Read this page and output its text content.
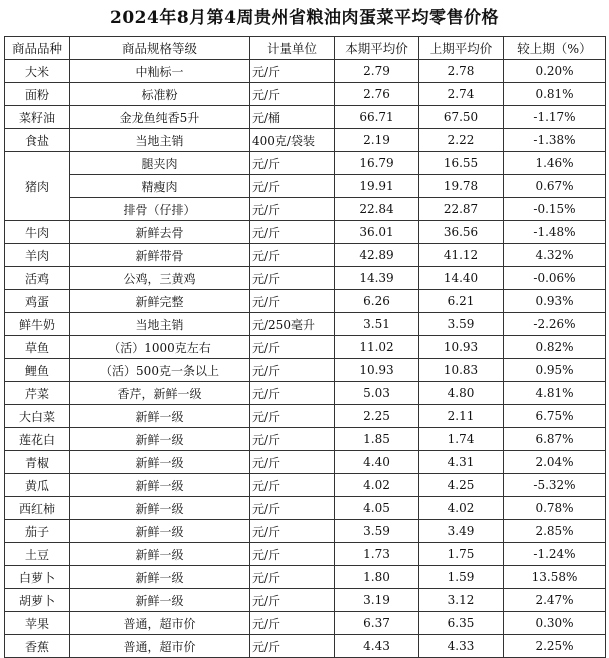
2024年8月第4周贵州省粮油肉蛋菜平均零售价格
商品品种	商品规格等级	计量单位	本期平均价	上期平均价	较上期（%）
大米	中籼标一	元/斤	2.79	2.78	0.20%
面粉	标准粉	元/斤	2.76	2.74	0.81%
菜籽油	金龙鱼纯香5升	元/桶	66.71	67.50	-1.17%
食盐	当地主销	400克/袋装	2.19	2.22	-1.38%
猪肉	腿夹肉	元/斤	16.79	16.55	1.46%
	精瘦肉	元/斤	19.91	19.78	0.67%
	排骨（仔排）	元/斤	22.84	22.87	-0.15%
牛肉	新鲜去骨	元/斤	36.01	36.56	-1.48%
羊肉	新鲜带骨	元/斤	42.89	41.12	4.32%
活鸡	公鸡，三黄鸡	元/斤	14.39	14.40	-0.06%
鸡蛋	新鲜完整	元/斤	6.26	6.21	0.93%
鲜牛奶	当地主销	元/250毫升	3.51	3.59	-2.26%
草鱼	（活）1000克左右	元/斤	11.02	10.93	0.82%
鲤鱼	（活）500克一条以上	元/斤	10.93	10.83	0.95%
芹菜	香芹，新鲜一级	元/斤	5.03	4.80	4.81%
大白菜	新鲜一级	元/斤	2.25	2.11	6.75%
莲花白	新鲜一级	元/斤	1.85	1.74	6.87%
青椒	新鲜一级	元/斤	4.40	4.31	2.04%
黄瓜	新鲜一级	元/斤	4.02	4.25	-5.32%
西红柿	新鲜一级	元/斤	4.05	4.02	0.78%
茄子	新鲜一级	元/斤	3.59	3.49	2.85%
土豆	新鲜一级	元/斤	1.73	1.75	-1.24%
白萝卜	新鲜一级	元/斤	1.80	1.59	13.58%
胡萝卜	新鲜一级	元/斤	3.19	3.12	2.47%
苹果	普通，超市价	元/斤	6.37	6.35	0.30%
香蕉	普通，超市价	元/斤	4.43	4.33	2.25%
